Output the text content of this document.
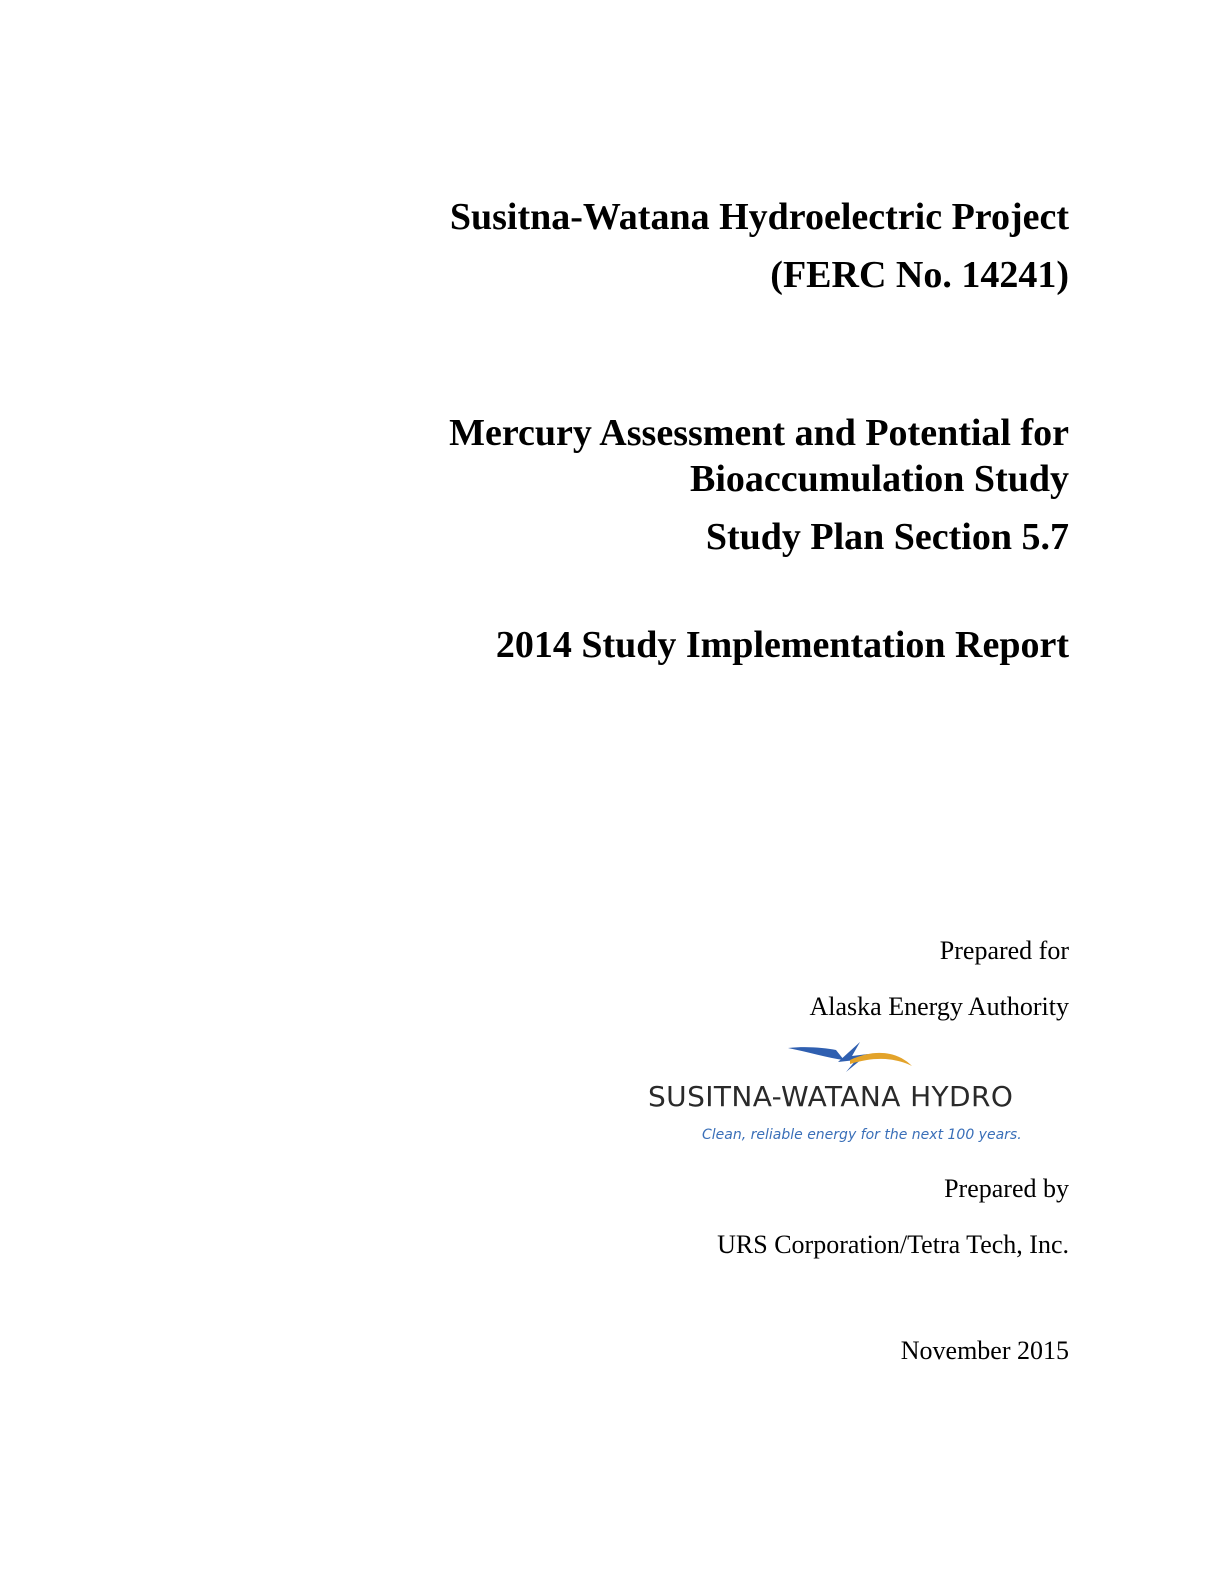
Susitna-Watana Hydroelectric Project
(FERC No. 14241)
Mercury Assessment and Potential for
Bioaccumulation Study
Study Plan Section 5.7
2014 Study Implementation Report
Prepared for
Alaska Energy Authority
SUSITNA-WATANA HYDRO
Clean, reliable energy for the next 100 years.
Prepared by
URS Corporation/Tetra Tech, Inc.
November 2015
